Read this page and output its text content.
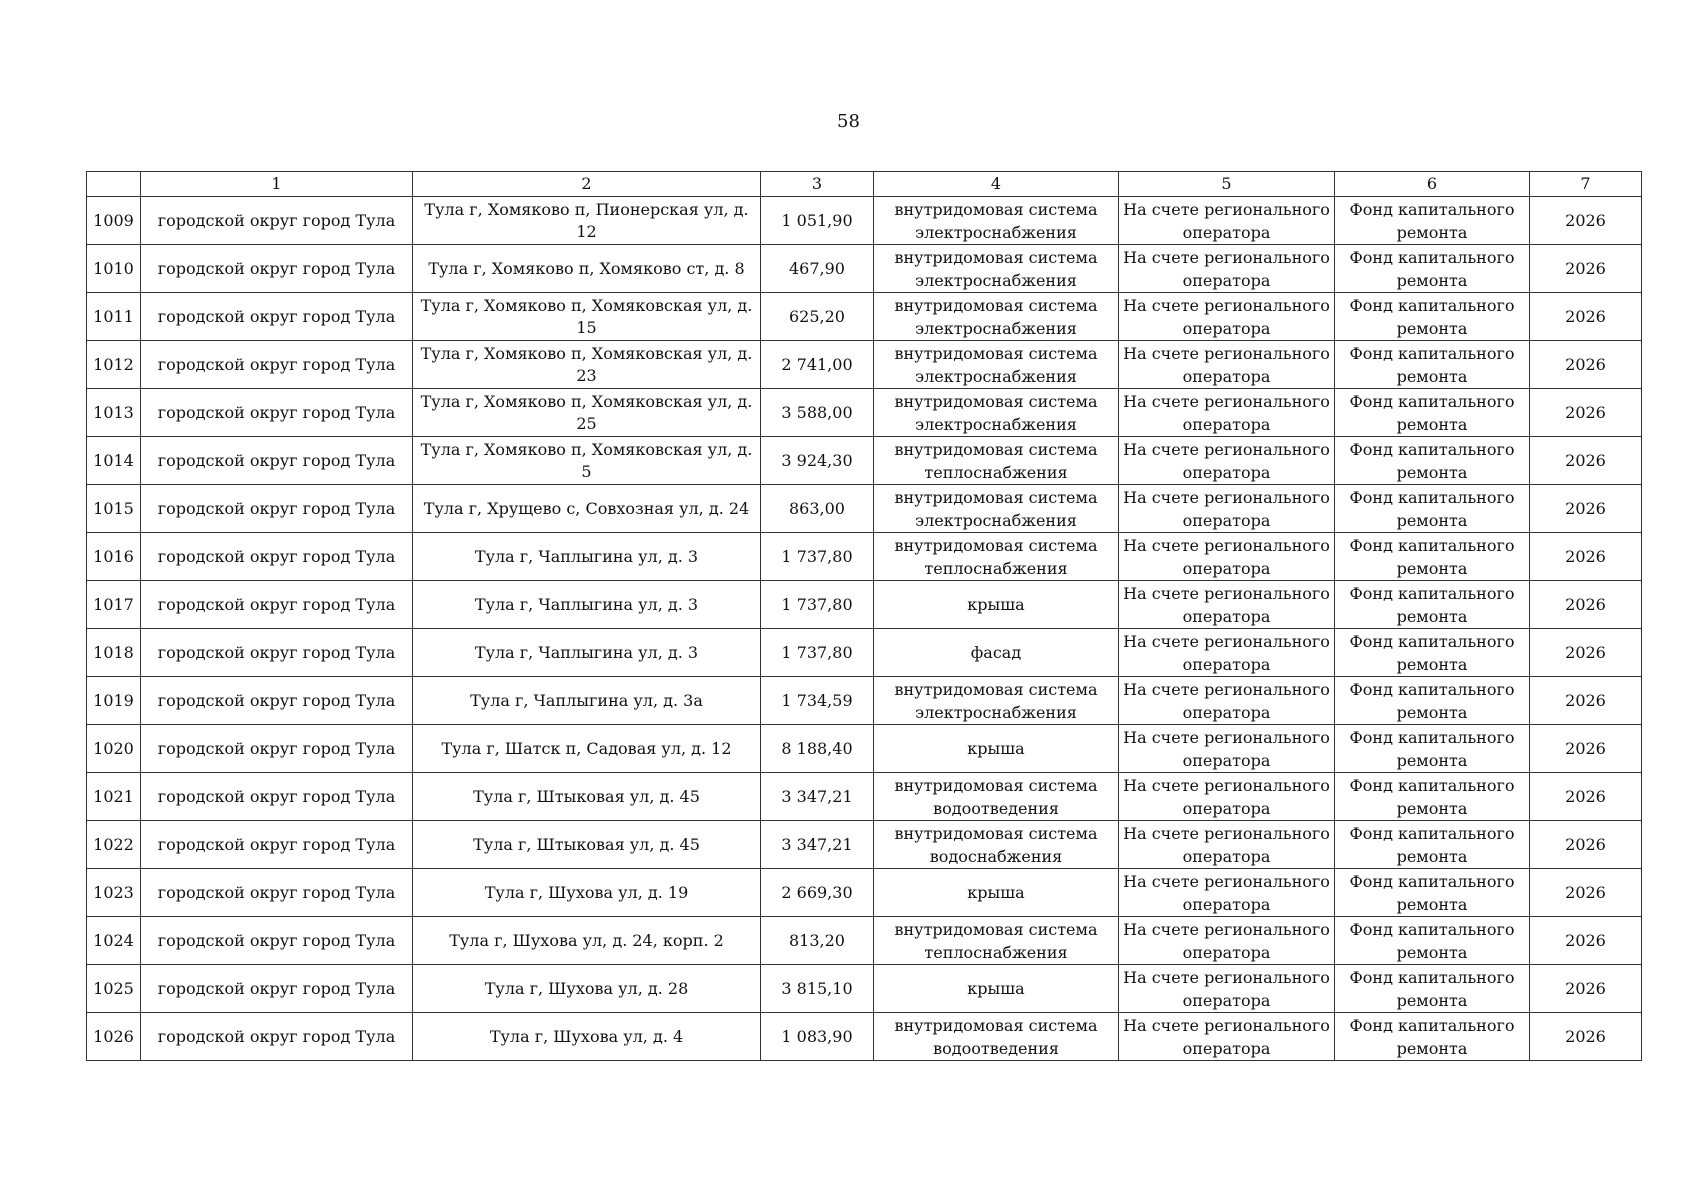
58
	1	2	3	4	5	6	7
1009	городской округ город Тула	Тула г, Хомяково п, Пионерская ул, д. 12	1 051,90	внутридомовая система электроснабжения	На счете регионального оператора	Фонд капитального ремонта	2026
1010	городской округ город Тула	Тула г, Хомяково п, Хомяково ст, д. 8	467,90	внутридомовая система электроснабжения	На счете регионального оператора	Фонд капитального ремонта	2026
1011	городской округ город Тула	Тула г, Хомяково п, Хомяковская ул, д. 15	625,20	внутридомовая система электроснабжения	На счете регионального оператора	Фонд капитального ремонта	2026
1012	городской округ город Тула	Тула г, Хомяково п, Хомяковская ул, д. 23	2 741,00	внутридомовая система электроснабжения	На счете регионального оператора	Фонд капитального ремонта	2026
1013	городской округ город Тула	Тула г, Хомяково п, Хомяковская ул, д. 25	3 588,00	внутридомовая система электроснабжения	На счете регионального оператора	Фонд капитального ремонта	2026
1014	городской округ город Тула	Тула г, Хомяково п, Хомяковская ул, д. 5	3 924,30	внутридомовая система теплоснабжения	На счете регионального оператора	Фонд капитального ремонта	2026
1015	городской округ город Тула	Тула г, Хрущево с, Совхозная ул, д. 24	863,00	внутридомовая система электроснабжения	На счете регионального оператора	Фонд капитального ремонта	2026
1016	городской округ город Тула	Тула г, Чаплыгина ул, д. 3	1 737,80	внутридомовая система теплоснабжения	На счете регионального оператора	Фонд капитального ремонта	2026
1017	городской округ город Тула	Тула г, Чаплыгина ул, д. 3	1 737,80	крыша	На счете регионального оператора	Фонд капитального ремонта	2026
1018	городской округ город Тула	Тула г, Чаплыгина ул, д. 3	1 737,80	фасад	На счете регионального оператора	Фонд капитального ремонта	2026
1019	городской округ город Тула	Тула г, Чаплыгина ул, д. 3а	1 734,59	внутридомовая система электроснабжения	На счете регионального оператора	Фонд капитального ремонта	2026
1020	городской округ город Тула	Тула г, Шатск п, Садовая ул, д. 12	8 188,40	крыша	На счете регионального оператора	Фонд капитального ремонта	2026
1021	городской округ город Тула	Тула г, Штыковая ул, д. 45	3 347,21	внутридомовая система водоотведения	На счете регионального оператора	Фонд капитального ремонта	2026
1022	городской округ город Тула	Тула г, Штыковая ул, д. 45	3 347,21	внутридомовая система водоснабжения	На счете регионального оператора	Фонд капитального ремонта	2026
1023	городской округ город Тула	Тула г, Шухова ул, д. 19	2 669,30	крыша	На счете регионального оператора	Фонд капитального ремонта	2026
1024	городской округ город Тула	Тула г, Шухова ул, д. 24, корп. 2	813,20	внутридомовая система теплоснабжения	На счете регионального оператора	Фонд капитального ремонта	2026
1025	городской округ город Тула	Тула г, Шухова ул, д. 28	3 815,10	крыша	На счете регионального оператора	Фонд капитального ремонта	2026
1026	городской округ город Тула	Тула г, Шухова ул, д. 4	1 083,90	внутридомовая система водоотведения	На счете регионального оператора	Фонд капитального ремонта	2026
